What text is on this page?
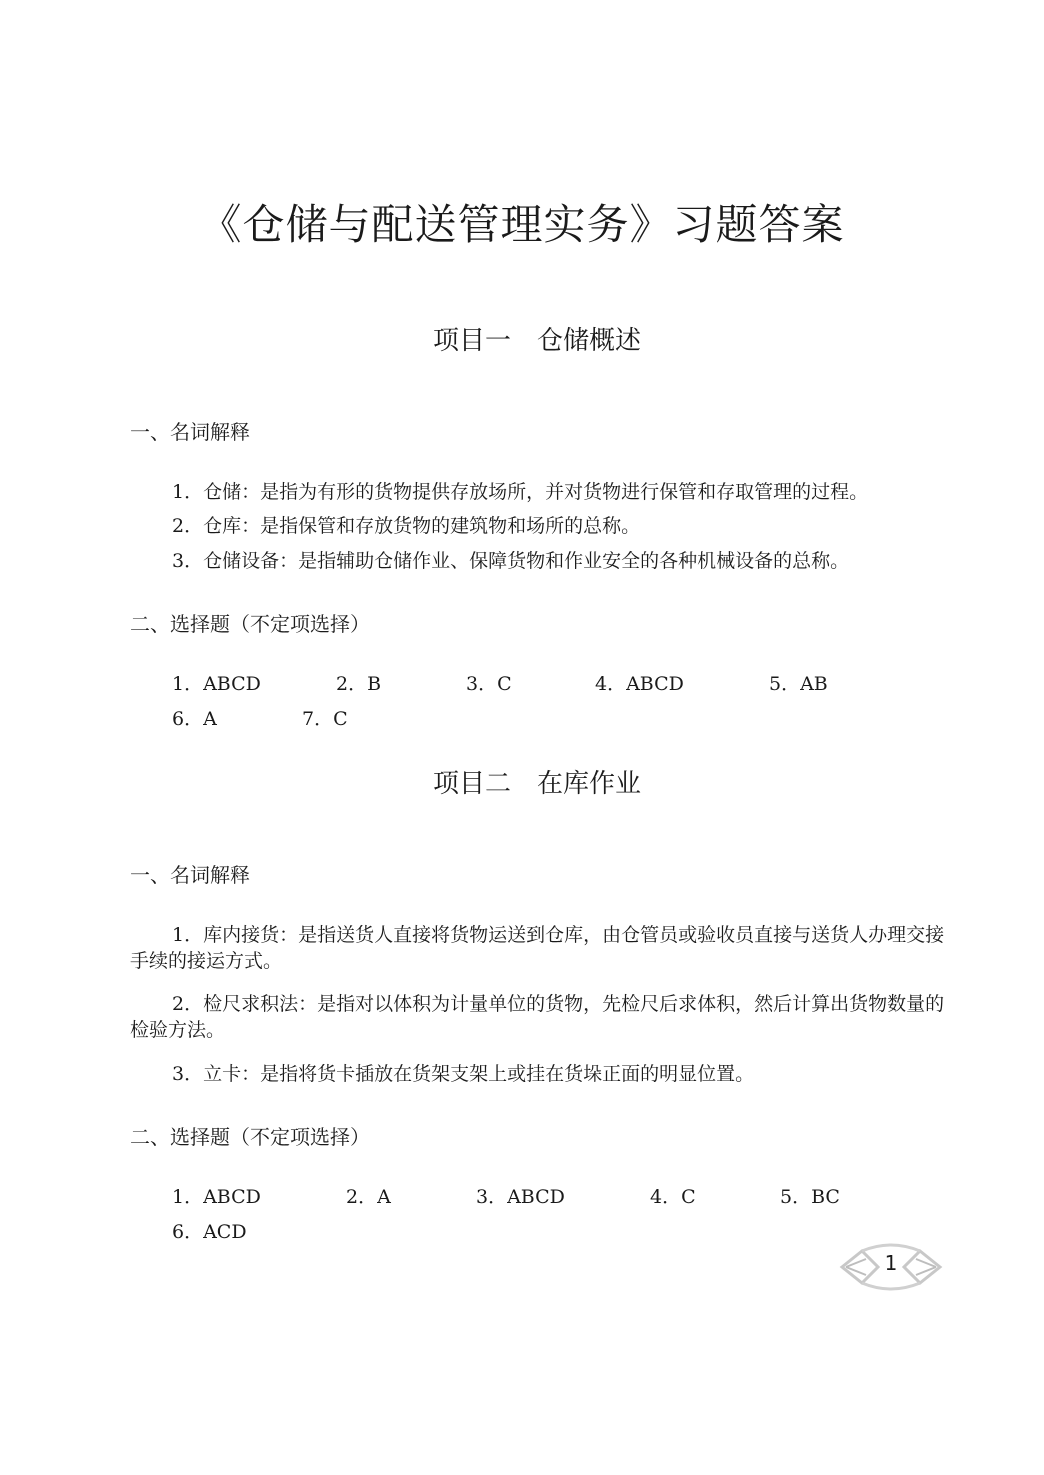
《仓储与配送管理实务》习题答案
项目一　仓储概述
一、名词解释
1．仓储：是指为有形的货物提供存放场所，并对货物进行保管和存取管理的过程。
2．仓库：是指保管和存放货物的建筑物和场所的总称。
3．仓储设备：是指辅助仓储作业、保障货物和作业安全的各种机械设备的总称。
二、选择题（不定项选择）
1．ABCD	2．B	3．C	4．ABCD	5．AB
6．A	7．C
项目二　在库作业
一、名词解释
1．库内接货：是指送货人直接将货物运送到仓库，由仓管员或验收员直接与送货人办理交接手续的接运方式。
2．检尺求积法：是指对以体积为计量单位的货物，先检尺后求体积，然后计算出货物数量的检验方法。
3．立卡：是指将货卡插放在货架支架上或挂在货垛正面的明显位置。
二、选择题（不定项选择）
1．ABCD	2．A	3．ABCD	4．C	5．BC
6．ACD
1
